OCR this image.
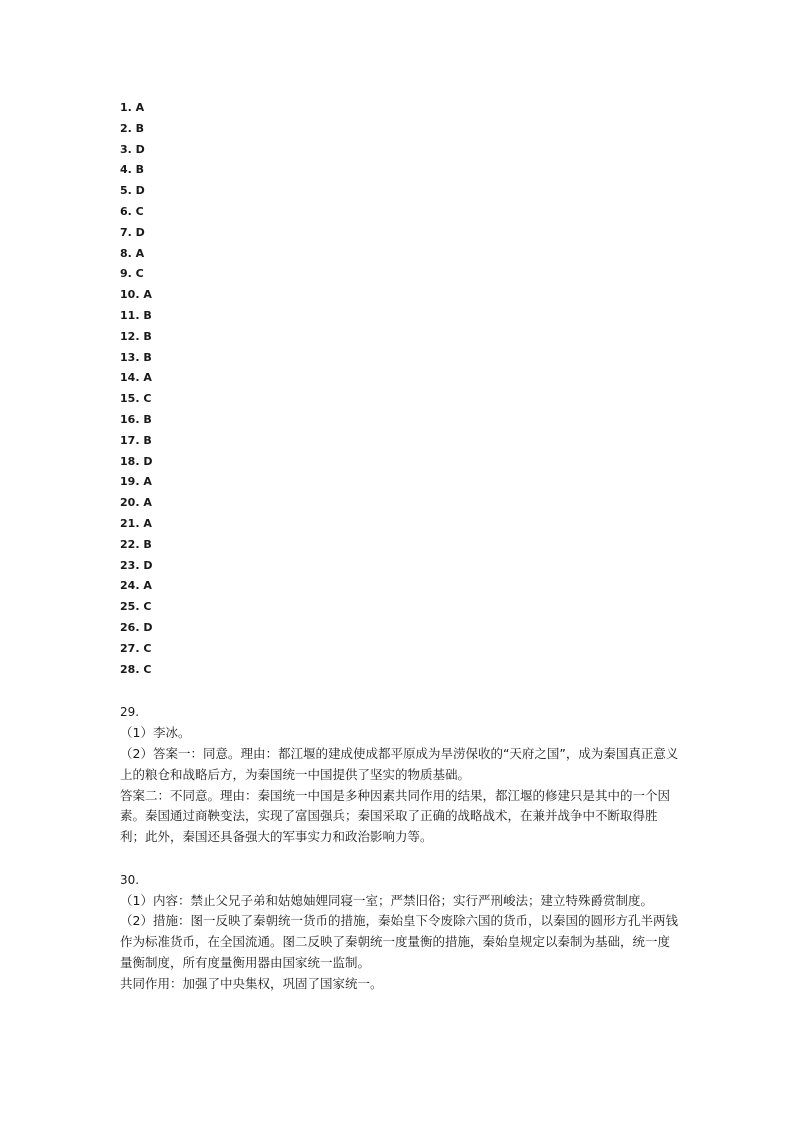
1 . A
2 . B
3 . D
4 . B
5 . D
6 . C
7 . D
8 . A
9 . C
10 . A
11 . B
12 . B
13 . B
14 . A
15 . C
16 . B
17 . B
18 . D
19 . A
20 . A
21 . A
22 . B
23 . D
24 . A
25 . C
26 . D
27 . C
28 . C
29.

（1）李冰。

（2）答案一：同意。理由：都江堰的建成使成都平原成为旱涝保收的“天府之国”，成为秦国真正意义上的粮仓和战略后方，为秦国统一中国提供了坚实的物质基础。

答案二：不同意。理由：秦国统一中国是多种因素共同作用的结果，都江堰的修建只是其中的一个因素。秦国通过商鞅变法，实现了富国强兵；秦国采取了正确的战略战术，在兼并战争中不断取得胜利；此外，秦国还具备强大的军事实力和政治影响力等。

30.

（1）内容：禁止父兄子弟和姑媳妯娌同寝一室；严禁旧俗；实行严刑峻法；建立特殊爵赏制度。

（2）措施：图一反映了秦朝统一货币的措施，秦始皇下令废除六国的货币，以秦国的圆形方孔半两钱作为标准货币，在全国流通。图二反映了秦朝统一度量衡的措施，秦始皇规定以秦制为基础，统一度量衡制度，所有度量衡用器由国家统一监制。

共同作用：加强了中央集权，巩固了国家统一。
